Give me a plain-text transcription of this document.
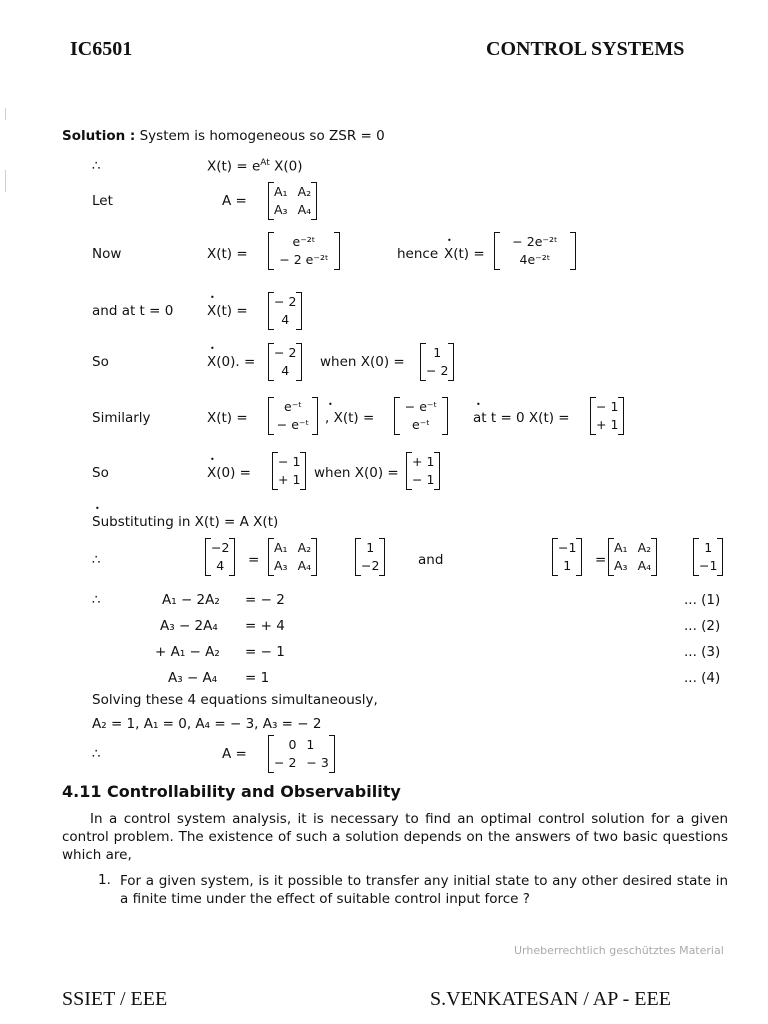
IC6501	CONTROL SYSTEMS
Solution : System is homogeneous so ZSR = 0
∴	$X(t) = e^{At}$ X(0)
Let	A =
A₁ A₂
A₃ A₄
Now	X(t) =
e⁻²ᵗ
− 2 e⁻²ᵗ	hence • X(t) =
− 2e⁻²ᵗ
4e⁻²ᵗ
and at t = 0 • X(t) =
− 2
4
So	• X(0). =
− 2
4
when X(0) =
1
− 2
Similarly	X(t) =
e⁻ᵗ
− e⁻ᵗ • , X(t) =
− e⁻ᵗ
e⁻ᵗ	• at t = 0 X(t) =
− 1
+ 1
So	• X(0) =
− 1
+ 1 when X(0) =
+ 1
− 1
• Substituting in X(t) = A X(t)
∴
−2
4 =
A₁ A₂
A₃ A₄
1
−2	and
−1
1 =
A₁ A₂
A₃ A₄
1
−1
∴	A₁ − 2A₂ = − 2	... (1)
A₃ − 2A₄ = + 4	... (2)
+ A₁ − A₂ = − 1	... (3)
A₃ − A₄ = 1	... (4)
Solving these 4 equations simultaneously,
A₂ = 1, A₁ = 0, A₄ = − 3, A₃ = − 2
∴	A =
0 1
− 2 − 3
4.11 Controllability and Observability
In a control system analysis, it is necessary to find an optimal control solution for a given control problem. The existence of such a solution depends on the answers of two basic questions which are,
1. For a given system, is it possible to transfer any initial state to any other desired state in a finite time under the effect of suitable control input force ?
Urheberrechtlich geschütztes Material
SSIET / EEE	S.VENKATESAN / AP - EEE
